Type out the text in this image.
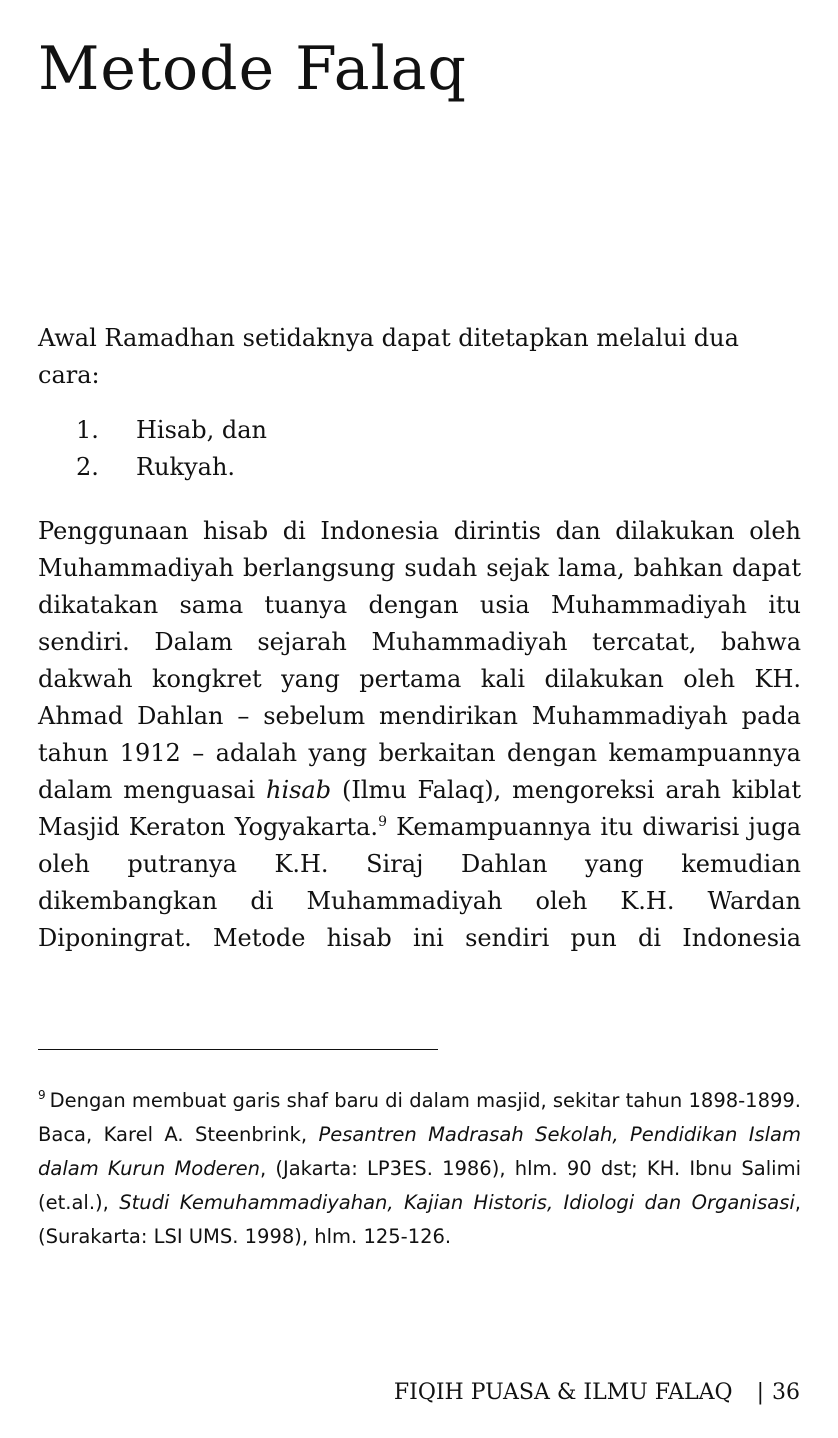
Metode Falaq

Awal Ramadhan setidaknya dapat ditetapkan melalui dua cara:

1.	Hisab, dan
2.	Rukyah.

Penggunaan hisab di Indonesia dirintis dan dilakukan oleh Muhammadiyah berlangsung sudah sejak lama, bahkan dapat dikatakan sama tuanya dengan usia Muhammadiyah itu sendiri. Dalam sejarah Muhammadiyah tercatat, bahwa dakwah kongkret yang pertama kali dilakukan oleh KH. Ahmad Dahlan – sebelum mendirikan Muhammadiyah pada tahun 1912 – adalah yang berkaitan dengan kemampuannya dalam menguasai hisab (Ilmu Falaq), mengoreksi arah kiblat Masjid Keraton Yogyakarta.$^9$ Kemampuannya itu diwarisi juga oleh putranya K.H. Siraj Dahlan yang kemudian dikembangkan di Muhammadiyah oleh K.H. Wardan Diponingrat. Metode hisab ini sendiri pun di Indonesia

$^9$ Dengan membuat garis shaf baru di dalam masjid, sekitar tahun 1898-1899. Baca, Karel A. Steenbrink, Pesantren Madrasah Sekolah, Pendidikan Islam dalam Kurun Moderen, (Jakarta: LP3ES. 1986), hlm. 90 dst; KH. Ibnu Salimi (et.al.), Studi Kemuhammadiyahan, Kajian Historis, Idiologi dan Organisasi, (Surakarta: LSI UMS. 1998), hlm. 125-126.

FIQIH PUASA & ILMU FALAQ | 36
